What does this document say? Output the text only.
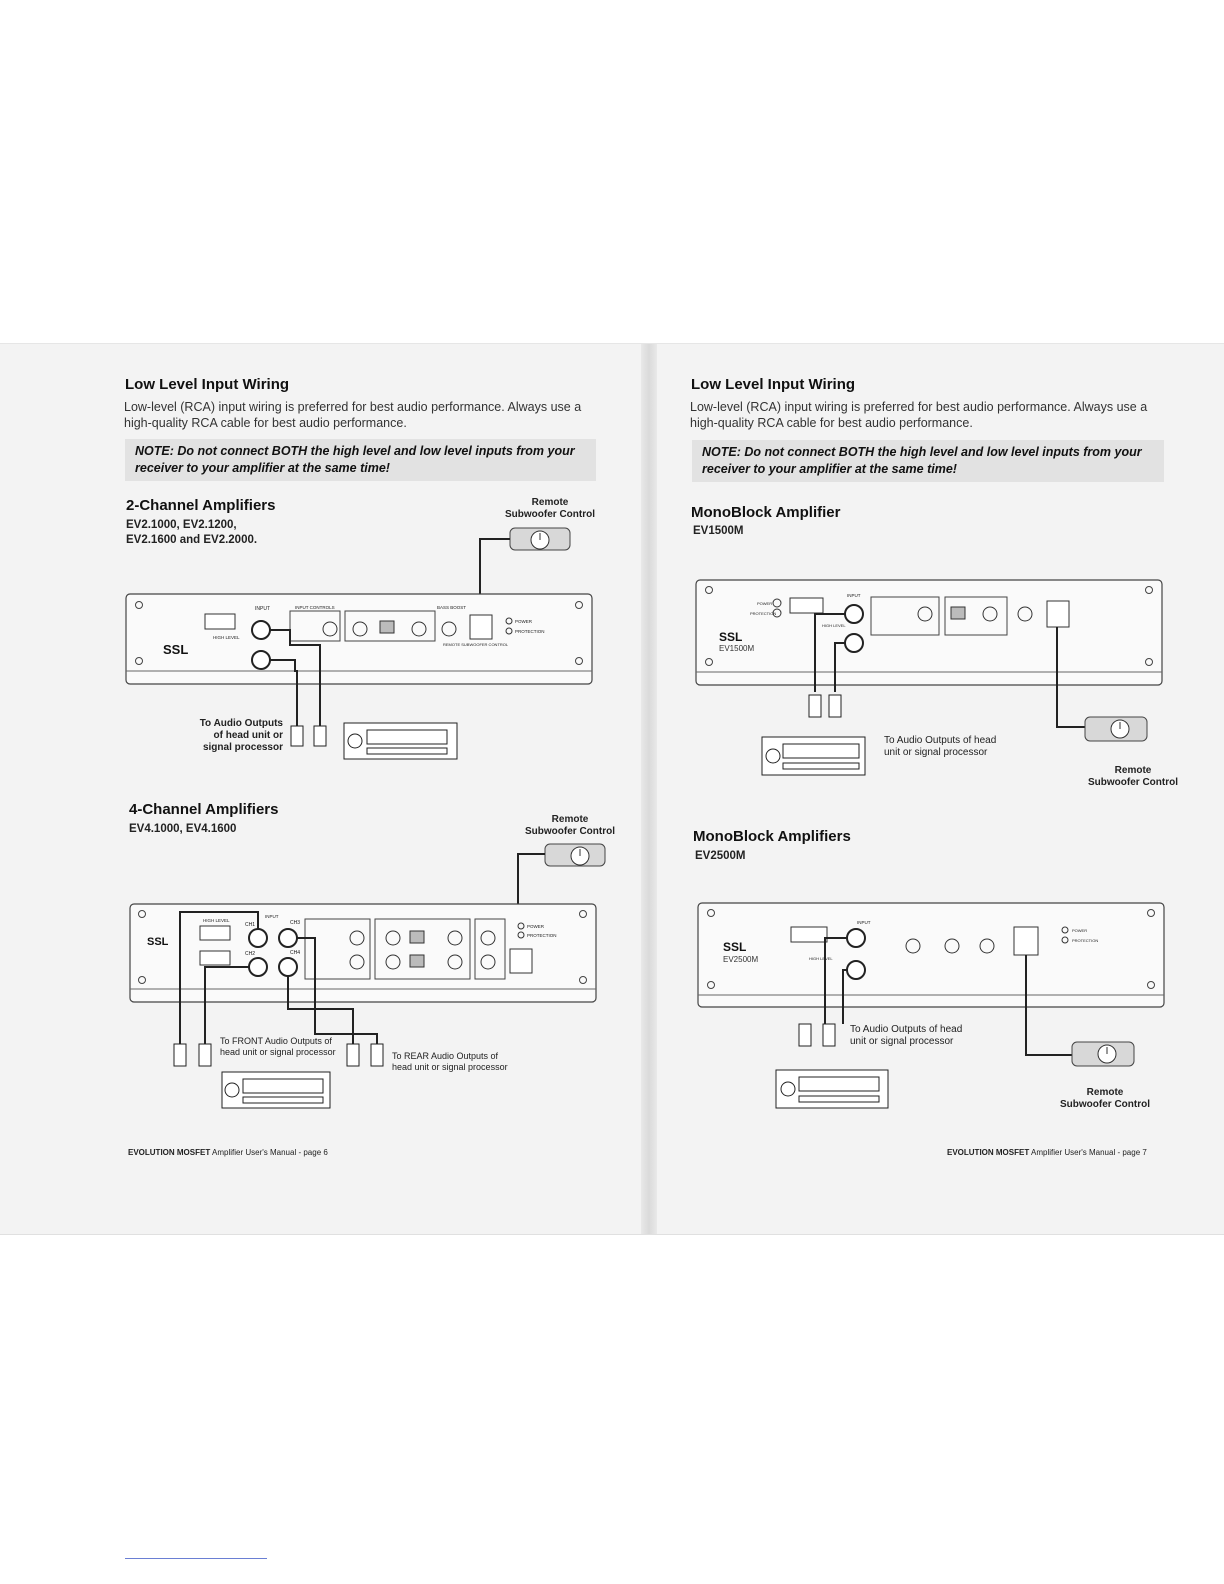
Low Level Input Wiring
Low-level (RCA) input wiring is preferred for best audio performance. Always use a high-quality RCA cable for best audio performance.
NOTE: Do not connect BOTH the high level and low level inputs from your receiver to your amplifier at the same time!
2-Channel Amplifiers
EV2.1000, EV2.1200,
EV2.1600 and EV2.2000.
Remote
Subwoofer Control
SSL
INPUT	INPUT CONTROLS	BASS BOOST
HIGH LEVEL
POWER
PROTECTION
REMOTE SUBWOOFER CONTROL
To Audio Outputs of head unit or signal processor
4-Channel Amplifiers
EV4.1000, EV4.1600
Remote
Subwoofer Control
SSL
CH1
CH2
CH3
CH4
INPUT
HIGH LEVEL
POWER
PROTECTION
To FRONT Audio Outputs of head unit or signal processor	To REAR Audio Outputs of head unit or signal processor
EVOLUTION MOSFET Amplifier User's Manual - page 6
Low Level Input Wiring
Low-level (RCA) input wiring is preferred for best audio performance. Always use a high-quality RCA cable for best audio performance.
NOTE: Do not connect BOTH the high level and low level inputs from your receiver to your amplifier at the same time!
MonoBlock Amplifier
EV1500M
SSL
EV1500M
POWER
PROTECTION
INPUT
HIGH LEVEL
To Audio Outputs of head unit or signal processor
Remote
Subwoofer Control
MonoBlock Amplifiers
EV2500M
SSL
EV2500M
INPUT
HIGH LEVEL
POWER
PROTECTION
To Audio Outputs of head unit or signal processor
Remote
Subwoofer Control
EVOLUTION MOSFET Amplifier User's Manual - page 7
